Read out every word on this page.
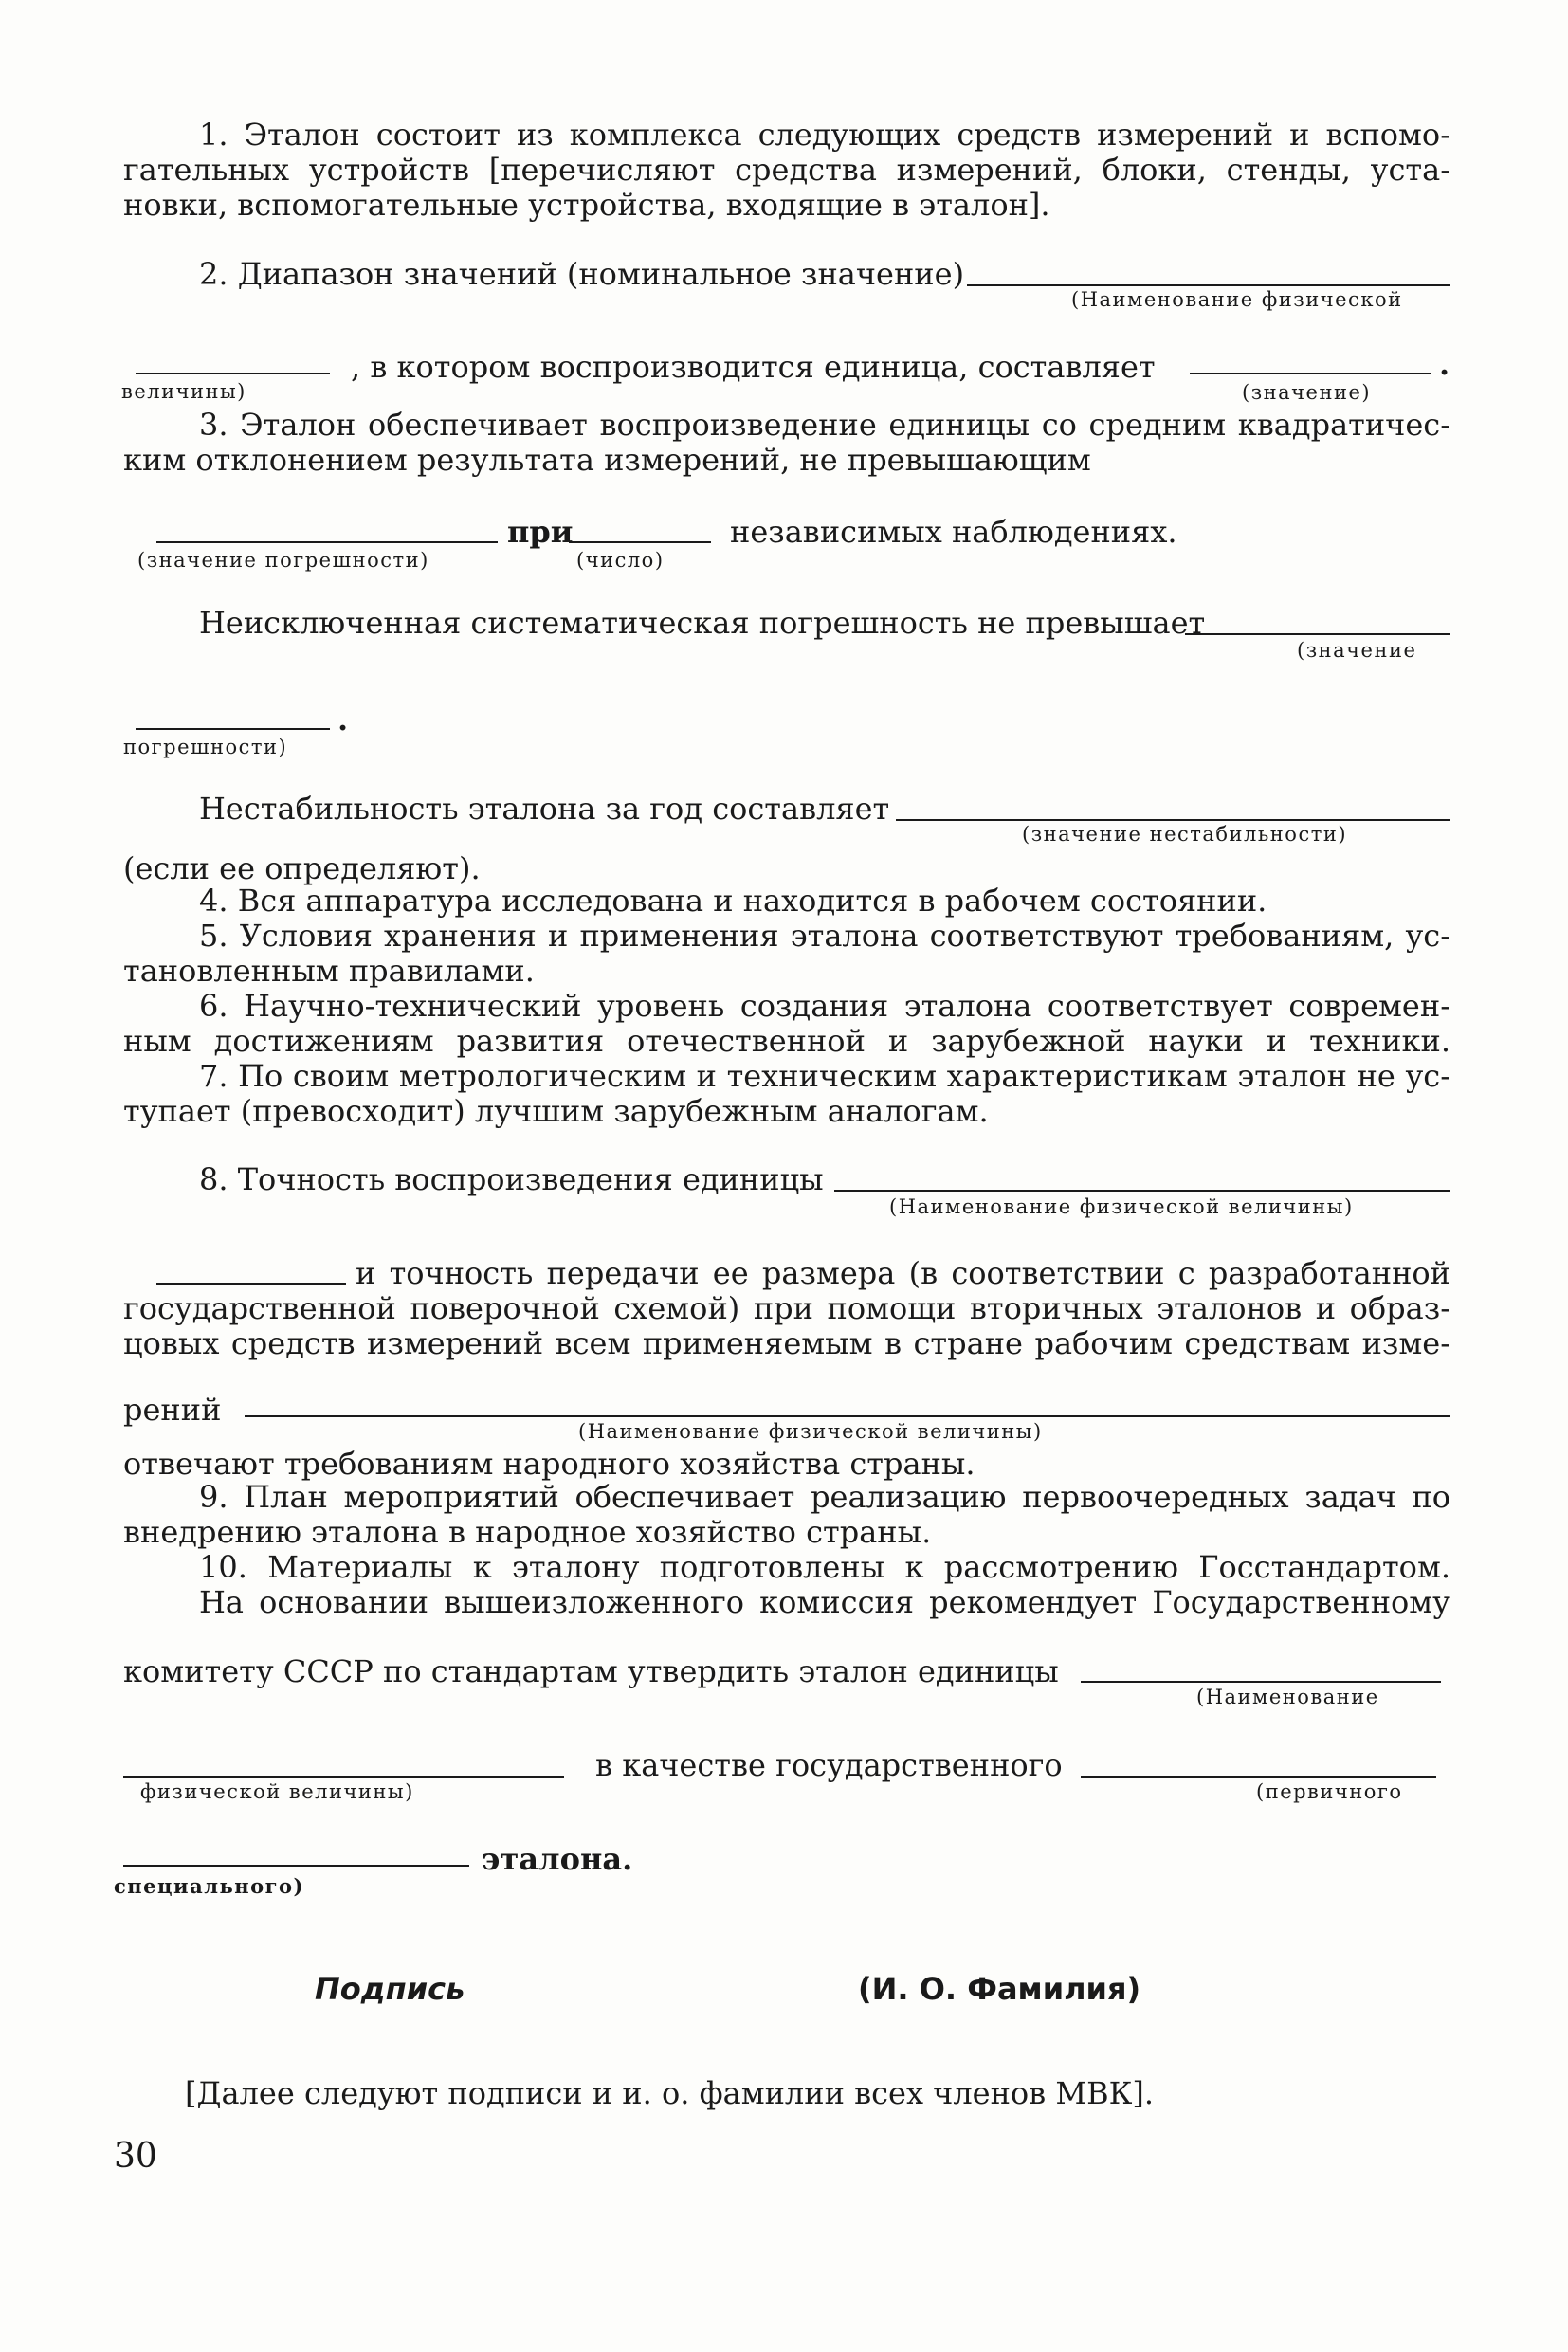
1. Эталон состоит из комплекса следующих средств измерений и вспомо-

гательных устройств [перечисляют средства измерений, блоки, стенды, уста-

новки, вспомогательные устройства, входящие в эталон].

2. Диапазон значений (номинальное значение)
(Наименование физической
, в котором воспроизводится единица, составляет	.
величины)	(значение)

3. Эталон обеспечивает воспроизведение единицы со средним квадратичес-

ким отклонением результата измерений, не превышающим

при	независимых наблюдениях.
(значение погрешности)	(число)
Неисключенная систематическая погрешность не превышает
(значение
.
погрешности)
Нестабильность эталона за год составляет
(значение нестабильности)
(если ее определяют).

4. Вся аппаратура исследована и находится в рабочем состоянии.

5. Условия хранения и применения эталона соответствуют требованиям, ус-

тановленным правилами.

6. Научно-технический уровень создания эталона соответствует современ-

ным достижениям развития отечественной и зарубежной науки и техники.

7. По своим метрологическим и техническим характеристикам эталон не ус-

тупает (превосходит) лучшим зарубежным аналогам.

8. Точность воспроизведения единицы
(Наименование физической величины)

и точность передачи ее размера (в соответствии с разработанной

государственной поверочной схемой) при помощи вторичных эталонов и образ-

цовых средств измерений всем применяемым в стране рабочим средствам изме-

рений
(Наименование физической величины)
отвечают требованиям народного хозяйства страны.

9. План мероприятий обеспечивает реализацию первоочередных задач по

внедрению эталона в народное хозяйство страны.

10. Материалы к эталону подготовлены к рассмотрению Госстандартом.

На основании вышеизложенного комиссия рекомендует Государственному

комитету СССР по стандартам утвердить эталон единицы
(Наименование
в качестве государственного
физической величины)	(первичного
эталона.
специального)
Подпись	(И. О. Фамилия)
[Далее следуют подписи и и. о. фамилии всех членов МВК].
30
